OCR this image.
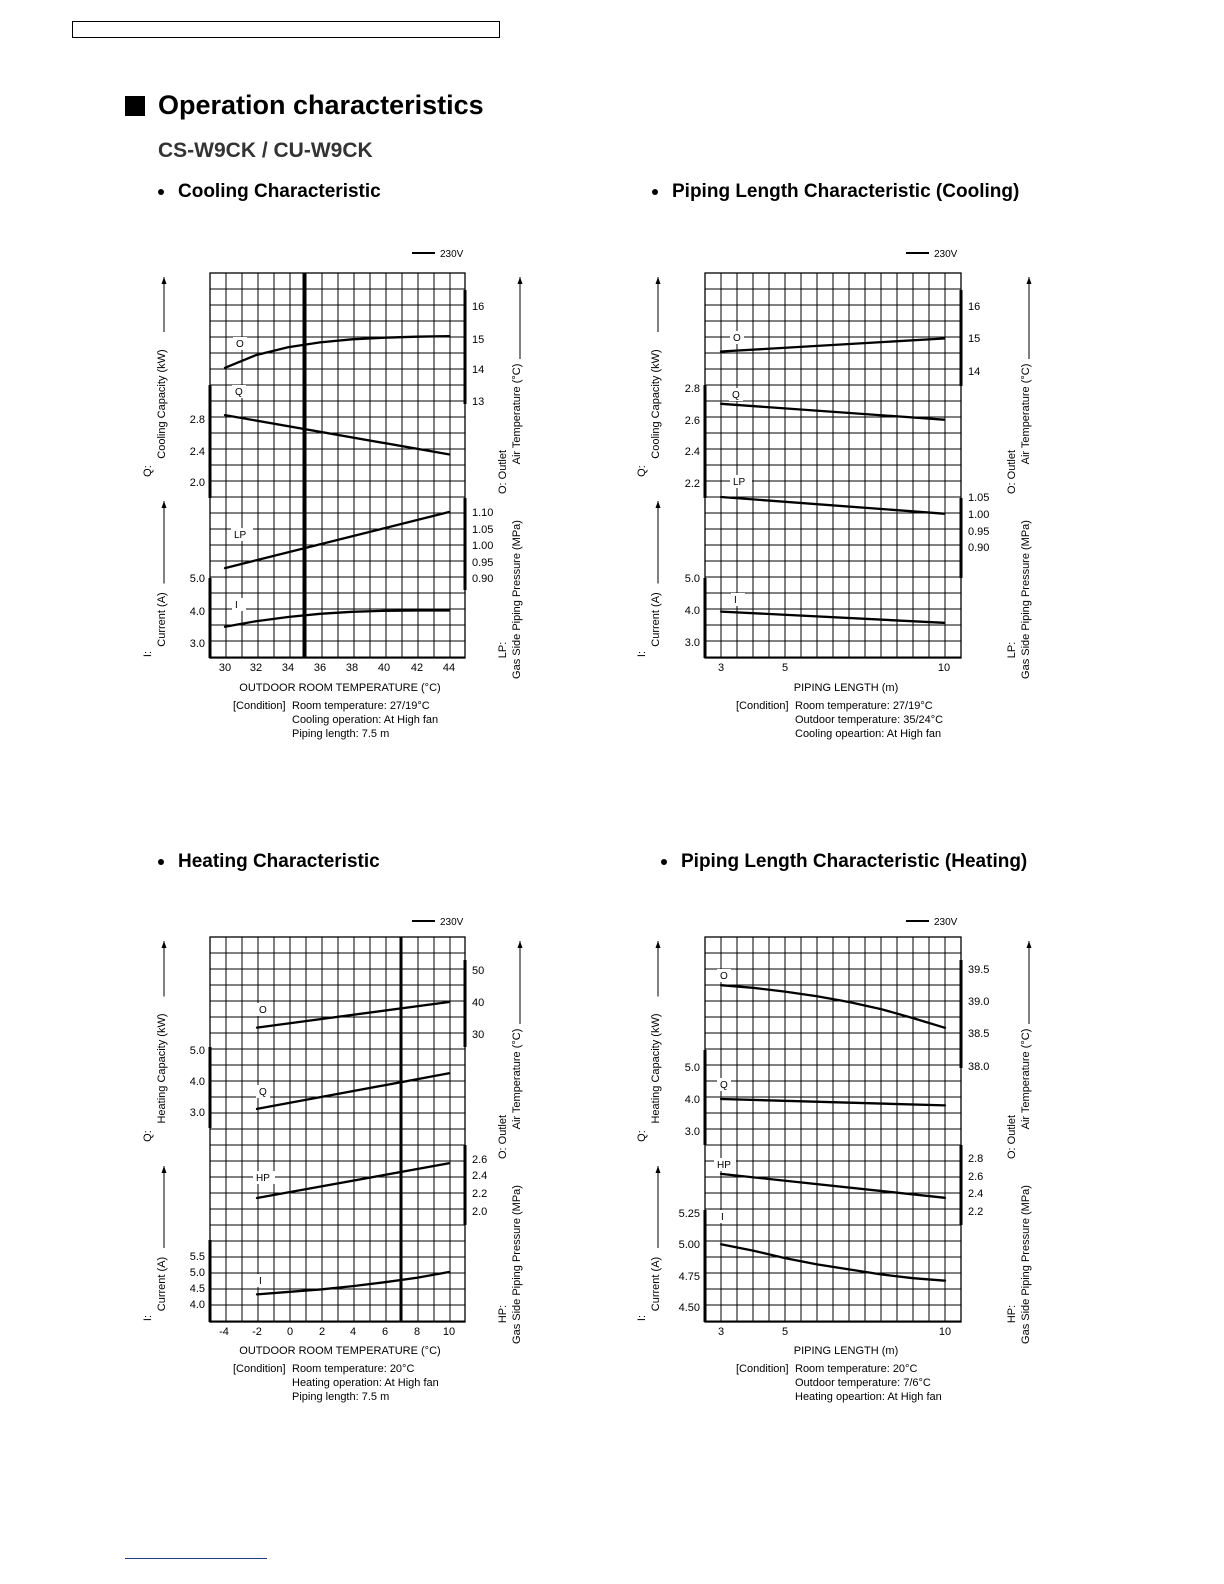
Operation characteristics
CS-W9CK / CU-W9CK
Cooling Characteristic
230V
2.8
2.4
2.0
5.0
4.0
3.0
16
15
14
13
1.10
1.05
1.00
0.95
0.90
30 32 34 36 38 40 42 44
OUTDOOR ROOM TEMPERATURE (°C)
O
Q
LP
I
Cooling Capacity (kW)
Q:
Current (A)
I:
O: Outlet
Air Temperature (°C)
Gas Side Piping Pressure (MPa)
LP:
[Condition] Room temperature: 27/19°C
Cooling operation: At High fan
Piping length: 7.5 m
Piping Length Characteristic (Cooling)
230V
2.8
2.6
2.4
2.2
5.0
4.0
3.0
16
15
14
1.05
1.00
0.95
0.90
3	5	10
PIPING LENGTH (m)
O
Q
LP
I
Cooling Capacity (kW)
Q:
Current (A)
I:
O: Outlet
Air Temperature (°C)
Gas Side Piping Pressure (MPa)
LP:
[Condition] Room temperature: 27/19°C
Outdoor temperature: 35/24°C
Cooling opeartion: At High fan
Heating Characteristic
230V
5.0
4.0
3.0
5.5
5.0
4.5
4.0
50
40
30
2.6
2.4
2.2
2.0
-4 -2 0 2 4 6 8 10
OUTDOOR ROOM TEMPERATURE (°C)
O
Q
HP
I
Heating Capacity (kW)
Q:
Current (A)
I:
O: Outlet
Air Temperature (°C)
Gas Side Piping Pressure (MPa)
HP:
[Condition] Room temperature: 20°C
Heating operation: At High fan
Piping length: 7.5 m
Piping Length Characteristic (Heating)
230V
5.0
4.0
3.0
5.25
5.00
4.75
4.50
39.5
39.0
38.5
38.0
2.8
2.6
2.4
2.2
3	5	10
PIPING LENGTH (m)
O
Q
HP
I
Heating Capacity (kW)
Q:
Current (A)
I:
O: Outlet
Air Temperature (°C)
Gas Side Piping Pressure (MPa)
HP:
[Condition] Room temperature: 20°C
Outdoor temperature: 7/6°C
Heating opeartion: At High fan
